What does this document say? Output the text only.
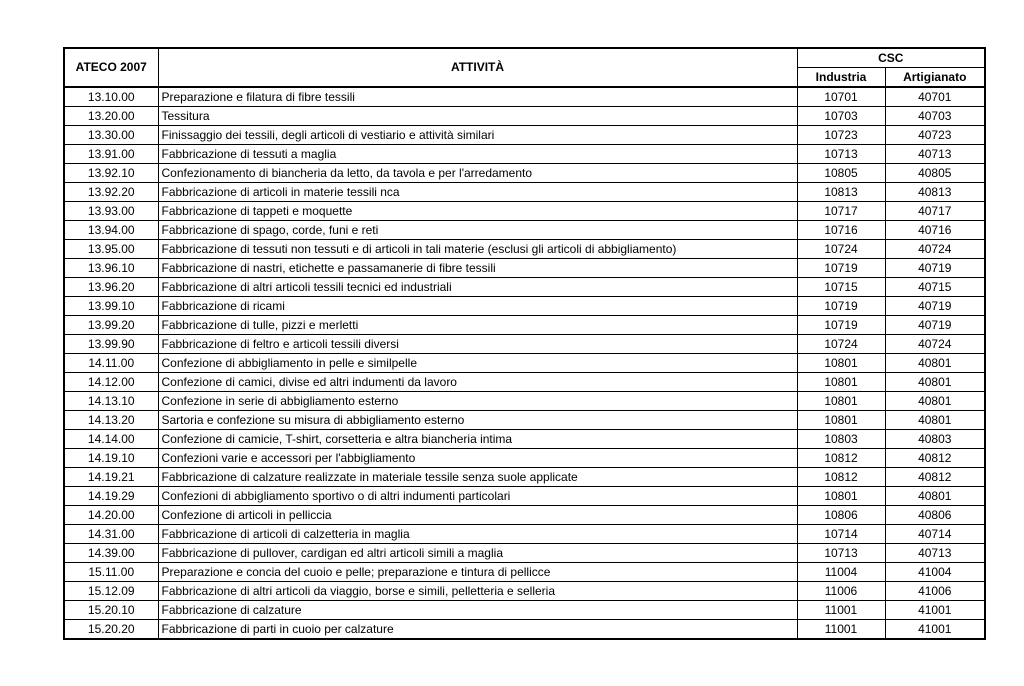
ATECO 2007	ATTIVITÀ	CSC	
		Industria	Artigianato
13.10.00	Preparazione e filatura di fibre tessili	10701	40701
13.20.00	Tessitura	10703	40703
13.30.00	Finissaggio dei tessili, degli articoli di vestiario e attività similari	10723	40723
13.91.00	Fabbricazione di tessuti a maglia	10713	40713
13.92.10	Confezionamento di biancheria da letto, da tavola e per l'arredamento	10805	40805
13.92.20	Fabbricazione di articoli in materie tessili nca	10813	40813
13.93.00	Fabbricazione di tappeti e moquette	10717	40717
13.94.00	Fabbricazione di spago, corde, funi e reti	10716	40716
13.95.00	Fabbricazione di tessuti non tessuti e di articoli in tali materie (esclusi gli articoli di abbigliamento)	10724	40724
13.96.10	Fabbricazione di nastri, etichette e passamanerie di fibre tessili	10719	40719
13.96.20	Fabbricazione di altri articoli tessili tecnici ed industriali	10715	40715
13.99.10	Fabbricazione di ricami	10719	40719
13.99.20	Fabbricazione di tulle, pizzi e merletti	10719	40719
13.99.90	Fabbricazione di feltro e articoli tessili diversi	10724	40724
14.11.00	Confezione di abbigliamento in pelle e similpelle	10801	40801
14.12.00	Confezione di camici, divise ed altri indumenti da lavoro	10801	40801
14.13.10	Confezione in serie di abbigliamento esterno	10801	40801
14.13.20	Sartoria e confezione su misura di abbigliamento esterno	10801	40801
14.14.00	Confezione di camicie, T-shirt, corsetteria e altra biancheria intima	10803	40803
14.19.10	Confezioni varie e accessori per l'abbigliamento	10812	40812
14.19.21	Fabbricazione di calzature realizzate in materiale tessile senza suole applicate	10812	40812
14.19.29	Confezioni di abbigliamento sportivo o di altri indumenti particolari	10801	40801
14.20.00	Confezione di articoli in pelliccia	10806	40806
14.31.00	Fabbricazione di articoli di calzetteria in maglia	10714	40714
14.39.00	Fabbricazione di pullover, cardigan ed altri articoli simili a maglia	10713	40713
15.11.00	Preparazione e concia del cuoio e pelle; preparazione e tintura di pellicce	11004	41004
15.12.09	Fabbricazione di altri articoli da viaggio, borse e simili, pelletteria e selleria	11006	41006
15.20.10	Fabbricazione di calzature	11001	41001
15.20.20	Fabbricazione di parti in cuoio per calzature	11001	41001
